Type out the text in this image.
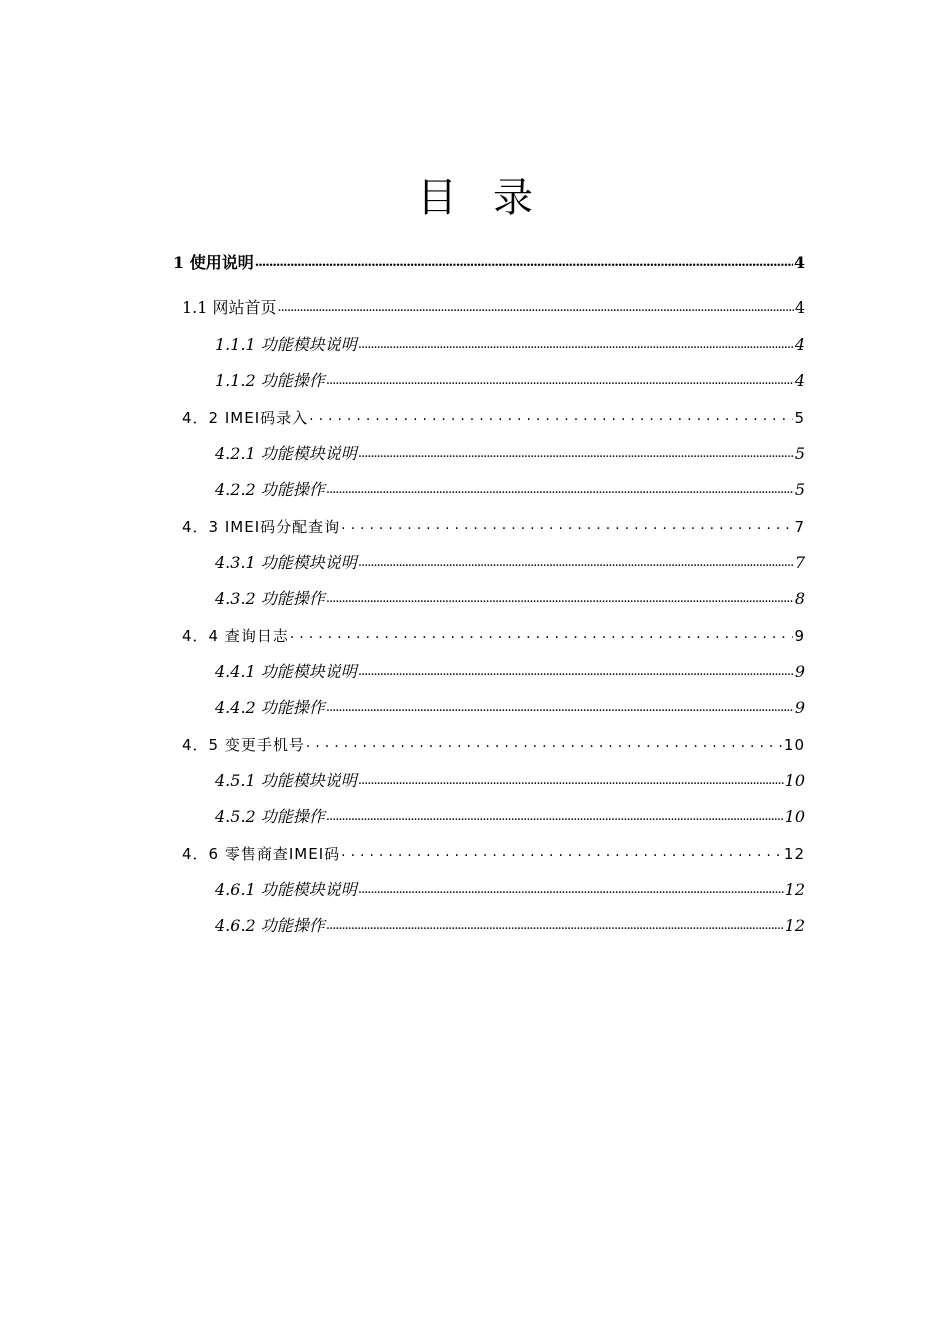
目 录
1 使用说明 .....	4
1.1 网站首页 .....	4
1.1.1 功能模块说明 .....	4
1.1.2 功能操作 .....	4
4．2 IMEI码录入 .....	5
4.2.1 功能模块说明 .....	5
4.2.2 功能操作 .....	5
4．3 IMEI码分配查询 .....	7
4.3.1 功能模块说明 .....	7
4.3.2 功能操作 .....	8
4．4 查询日志 .....	9
4.4.1 功能模块说明 .....	9
4.4.2 功能操作 .....	9
4．5 变更手机号 .....	10
4.5.1 功能模块说明 .....	10
4.5.2 功能操作 .....	10
4．6 零售商查IMEI码 .....	12
4.6.1 功能模块说明 .....	12
4.6.2 功能操作 .....	12
